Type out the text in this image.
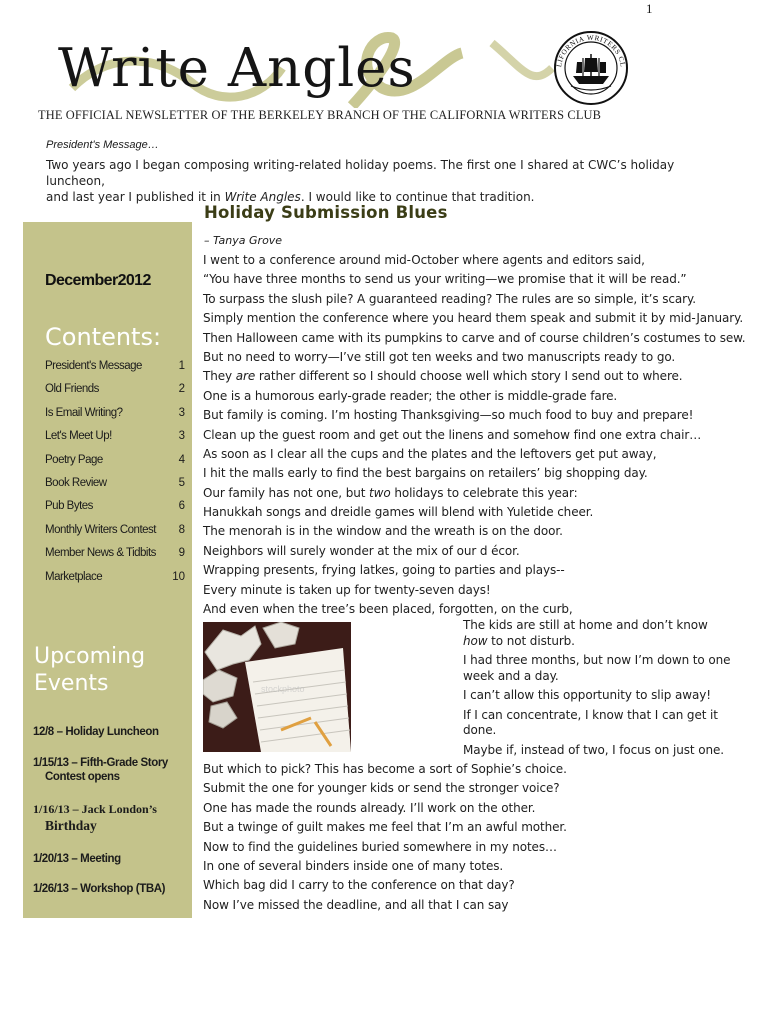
1
Write Angles	LIFORNIA WRITERS CL
THE OFFICIAL NEWSLETTER OF THE BERKELEY BRANCH OF THE CALIFORNIA WRITERS CLUB
President's Message…
Two years ago I began composing writing-related holiday poems. The first one I shared at CWC’s holiday luncheon,
and last year I published it in Write Angles. I would like to continue that tradition.
December2012
Contents:
President's Message	1
Old Friends	2
Is Email Writing?	3
Let's Meet Up!	3
Poetry Page	4
Book Review	5
Pub Bytes	6
Monthly Writers Contest 8
Member News & Tidbits 9
Marketplace	10
Upcoming Events
12/8 – Holiday Luncheon
1/15/13 – Fifth-Grade Story
Contest opens
1/16/13 – Jack London’s
Birthday
1/20/13 – Meeting
1/26/13 – Workshop (TBA)
Holiday Submission Blues
– Tanya Grove
I went to a conference around mid-October where agents and editors said,
“You have three months to send us your writing—we promise that it will be read.”
To surpass the slush pile? A guaranteed reading? The rules are so simple, it’s scary.
Simply mention the conference where you heard them speak and submit it by mid-January.
Then Halloween came with its pumpkins to carve and of course children’s costumes to sew.
But no need to worry—I’ve still got ten weeks and two manuscripts ready to go.
They are rather different so I should choose well which story I send out to where.
One is a humorous early-grade reader; the other is middle-grade fare.
But family is coming. I’m hosting Thanksgiving—so much food to buy and prepare!
Clean up the guest room and get out the linens and somehow find one extra chair…
As soon as I clear all the cups and the plates and the leftovers get put away,
I hit the malls early to find the best bargains on retailers’ big shopping day.
Our family has not one, but two holidays to celebrate this year:
Hanukkah songs and dreidle games will blend with Yuletide cheer.
The menorah is in the window and the wreath is on the door.
Neighbors will surely wonder at the mix of our d écor.
Wrapping presents, frying latkes, going to parties and plays--
Every minute is taken up for twenty-seven days!
And even when the tree’s been placed, forgotten, on the curb,
stockphoto
The kids are still at home and don’t know how to not disturb.
I had three months, but now I’m down to one week and a day.
I can’t allow this opportunity to slip away!
If I can concentrate, I know that I can get it done.
Maybe if, instead of two, I focus on just one.
But which to pick? This has become a sort of Sophie’s choice.
Submit the one for younger kids or send the stronger voice?
One has made the rounds already. I’ll work on the other.
But a twinge of guilt makes me feel that I’m an awful mother.
Now to find the guidelines buried somewhere in my notes…
In one of several binders inside one of many totes.
Which bag did I carry to the conference on that day?
Now I’ve missed the deadline, and all that I can say
